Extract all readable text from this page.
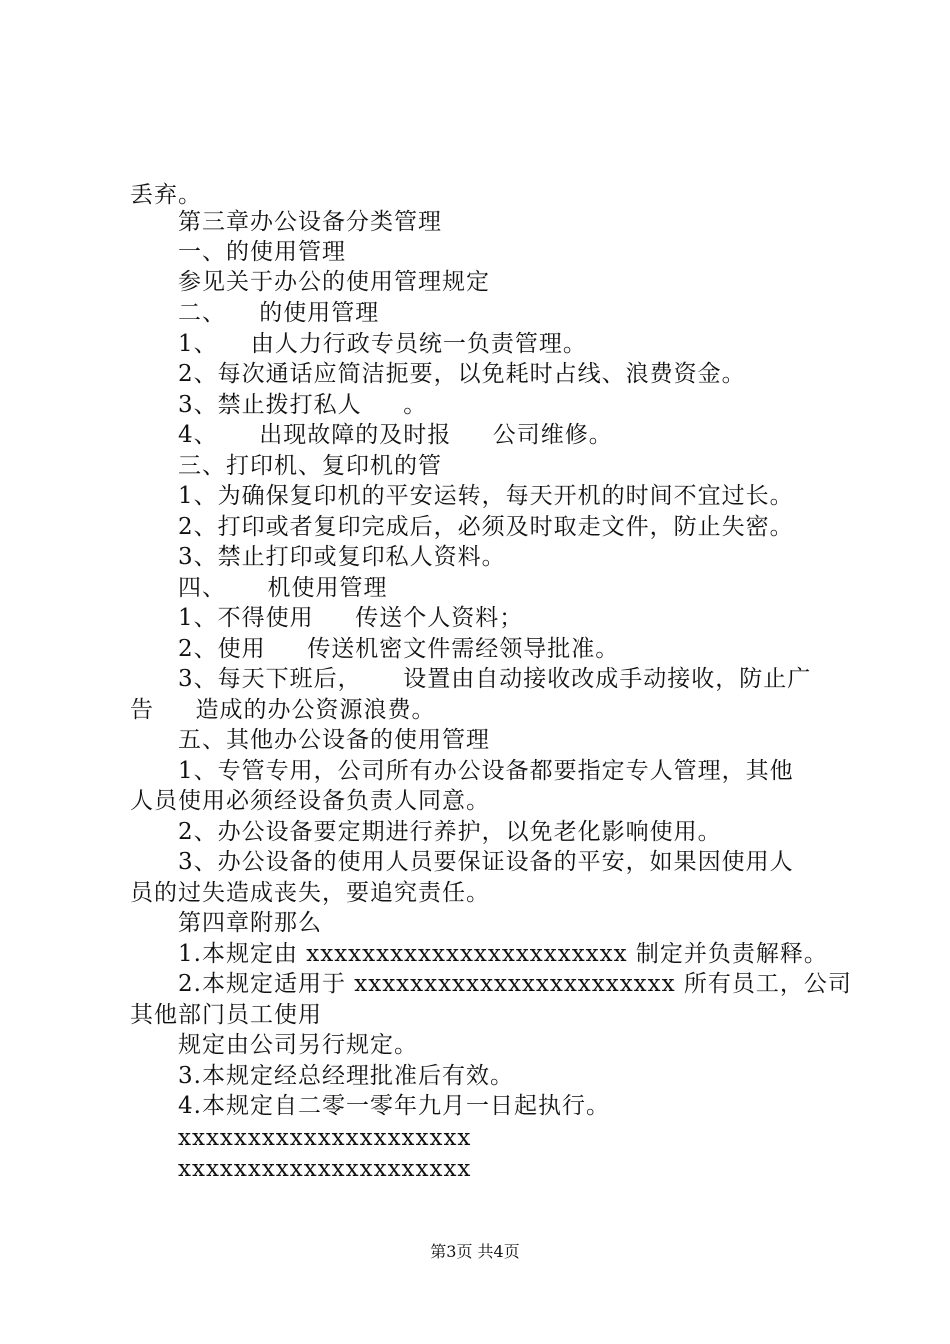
丢弃。
第三章办公设备分类管理
一、的使用管理
参见关于办公的使用管理规定
二、    的使用管理
1、    由人力行政专员统一负责管理。
2、每次通话应简洁扼要，以免耗时占线、浪费资金。
3、禁止拨打私人     。
4、     出现故障的及时报     公司维修。
三、打印机、复印机的管
1、为确保复印机的平安运转，每天开机的时间不宜过长。
2、打印或者复印完成后，必须及时取走文件，防止失密。
3、禁止打印或复印私人资料。
四、     机使用管理
1、不得使用     传送个人资料；
2、使用     传送机密文件需经领导批准。
3、每天下班后，     设置由自动接收改成手动接收，防止广
告     造成的办公资源浪费。
五、其他办公设备的使用管理
1、专管专用，公司所有办公设备都要指定专人管理，其他
人员使用必须经设备负责人同意。
2、办公设备要定期进行养护，以免老化影响使用。
3、办公设备的使用人员要保证设备的平安，如果因使用人
员的过失造成丧失，要追究责任。
第四章附那么
1.本规定由 xxxxxxxxxxxxxxxxxxxxxxx 制定并负责解释。
2.本规定适用于 xxxxxxxxxxxxxxxxxxxxxxx 所有员工，公司
其他部门员工使用
规定由公司另行规定。
3.本规定经总经理批准后有效。
4.本规定自二零一零年九月一日起执行。
xxxxxxxxxxxxxxxxxxxxx
xxxxxxxxxxxxxxxxxxxxx
第3页 共4页
